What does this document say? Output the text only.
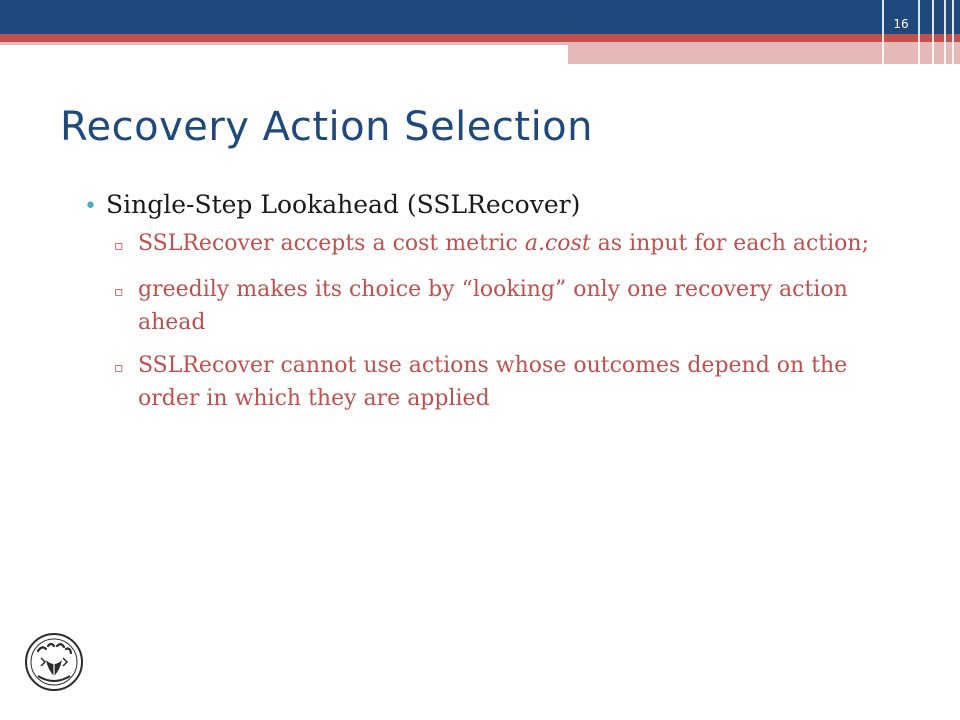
16
Recovery Action Selection
• Single-Step Lookahead (SSLRecover)
▫ SSLRecover accepts a cost metric a.cost as input for each action;
▫ greedily makes its choice by “looking” only one recovery action ahead
▫ SSLRecover cannot use actions whose outcomes depend on the order in which they are applied
